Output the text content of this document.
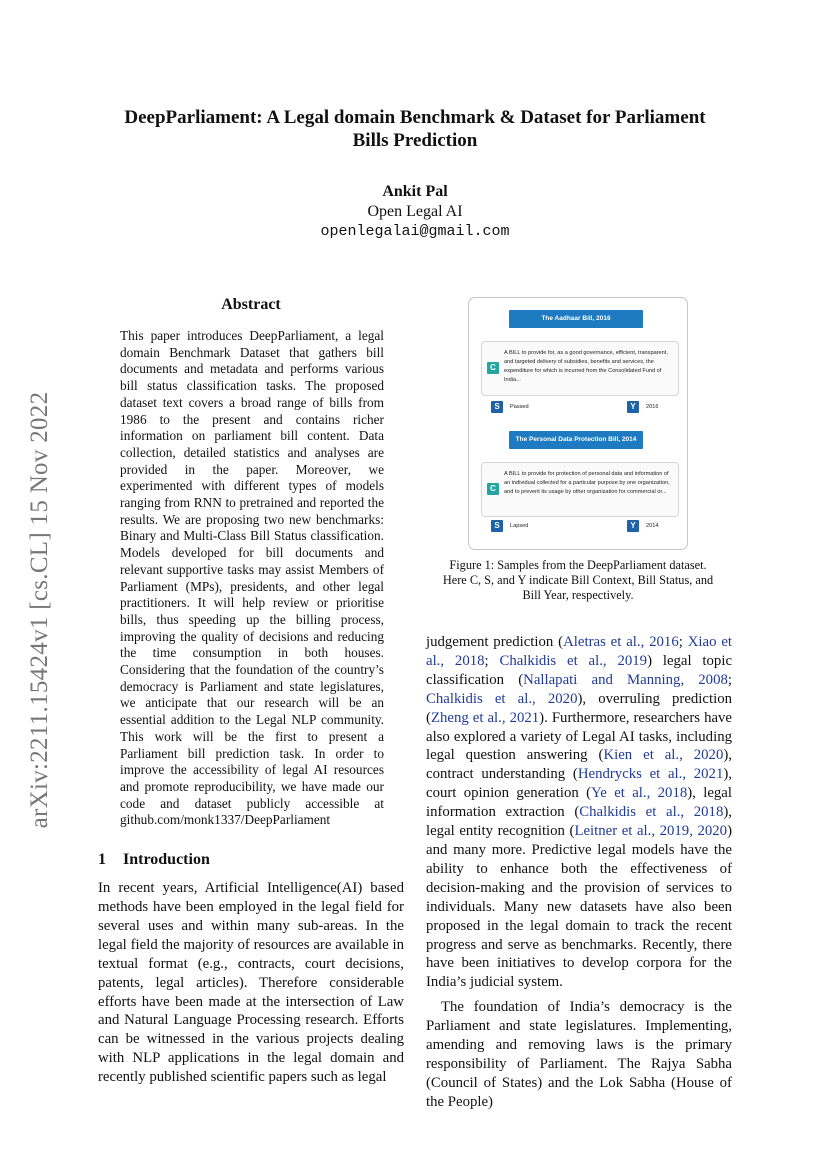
arXiv:2211.15424v1 [cs.CL] 15 Nov 2022
DeepParliament: A Legal domain Benchmark & Dataset for Parliament
Bills Prediction
Ankit Pal
Open Legal AI
openlegalai@gmail.com
Abstract

This paper introduces DeepParliament, a legal domain Benchmark Dataset that gathers bill documents and metadata and performs various bill status classification tasks. The proposed dataset text covers a broad range of bills from 1986 to the present and contains richer information on parliament bill content. Data collection, detailed statistics and analyses are provided in the paper. Moreover, we experimented with different types of models ranging from RNN to pretrained and reported the results. We are proposing two new benchmarks: Binary and Multi-Class Bill Status classification. Models developed for bill documents and relevant supportive tasks may assist Members of Parliament (MPs), presidents, and other legal practitioners. It will help review or prioritise bills, thus speeding up the billing process, improving the quality of decisions and reducing the time consumption in both houses. Considering that the foundation of the country’s democracy is Parliament and state legislatures, we anticipate that our research will be an essential addition to the Legal NLP community. This work will be the first to present a Parliament bill prediction task. In order to improve the accessibility of legal AI resources and promote reproducibility, we have made our code and dataset publicly accessible at github.com/monk1337/DeepParliament

1 Introduction

In recent years, Artificial Intelligence(AI) based methods have been employed in the legal field for several uses and within many sub-areas. In the legal field the majority of resources are available in textual format (e.g., contracts, court decisions, patents, legal articles). Therefore considerable efforts have been made at the intersection of Law and Natural Language Processing research. Efforts can be witnessed in the various projects dealing with NLP applications in the legal domain and recently published scientific papers such as legal

The Aadhaar Bill, 2016
C
A BILL to provide for, as a good governance, efficient, transparent, and targeted delivery of subsidies, benefits and services, the expenditure for which is incurred from the Consolidated Fund of India...
S	Passed	Y	2016
The Personal Data Protection Bill, 2014
C
A BILL to provide for protection of personal data and information of an individual collected for a particular purpose by one organization, and to prevent its usage by other organization for commercial or...
S	Lapsed	Y	2014
Figure 1: Samples from the DeepParliament dataset. Here C, S, and Y indicate Bill Context, Bill Status, and Bill Year, respectively.

judgement prediction (Aletras et al., 2016; Xiao et al., 2018; Chalkidis et al., 2019) legal topic classification (Nallapati and Manning, 2008; Chalkidis et al., 2020), overruling prediction (Zheng et al., 2021). Furthermore, researchers have also explored a variety of Legal AI tasks, including legal question answering (Kien et al., 2020), contract understanding (Hendrycks et al., 2021), court opinion generation (Ye et al., 2018), legal information extraction (Chalkidis et al., 2018), legal entity recognition (Leitner et al., 2019, 2020) and many more. Predictive legal models have the ability to enhance both the effectiveness of decision-making and the provision of services to individuals. Many new datasets have also been proposed in the legal domain to track the recent progress and serve as benchmarks. Recently, there have been initiatives to develop corpora for the India’s judicial system.

The foundation of India’s democracy is the Parliament and state legislatures. Implementing, amending and removing laws is the primary responsibility of Parliament. The Rajya Sabha (Council of States) and the Lok Sabha (House of the People)
